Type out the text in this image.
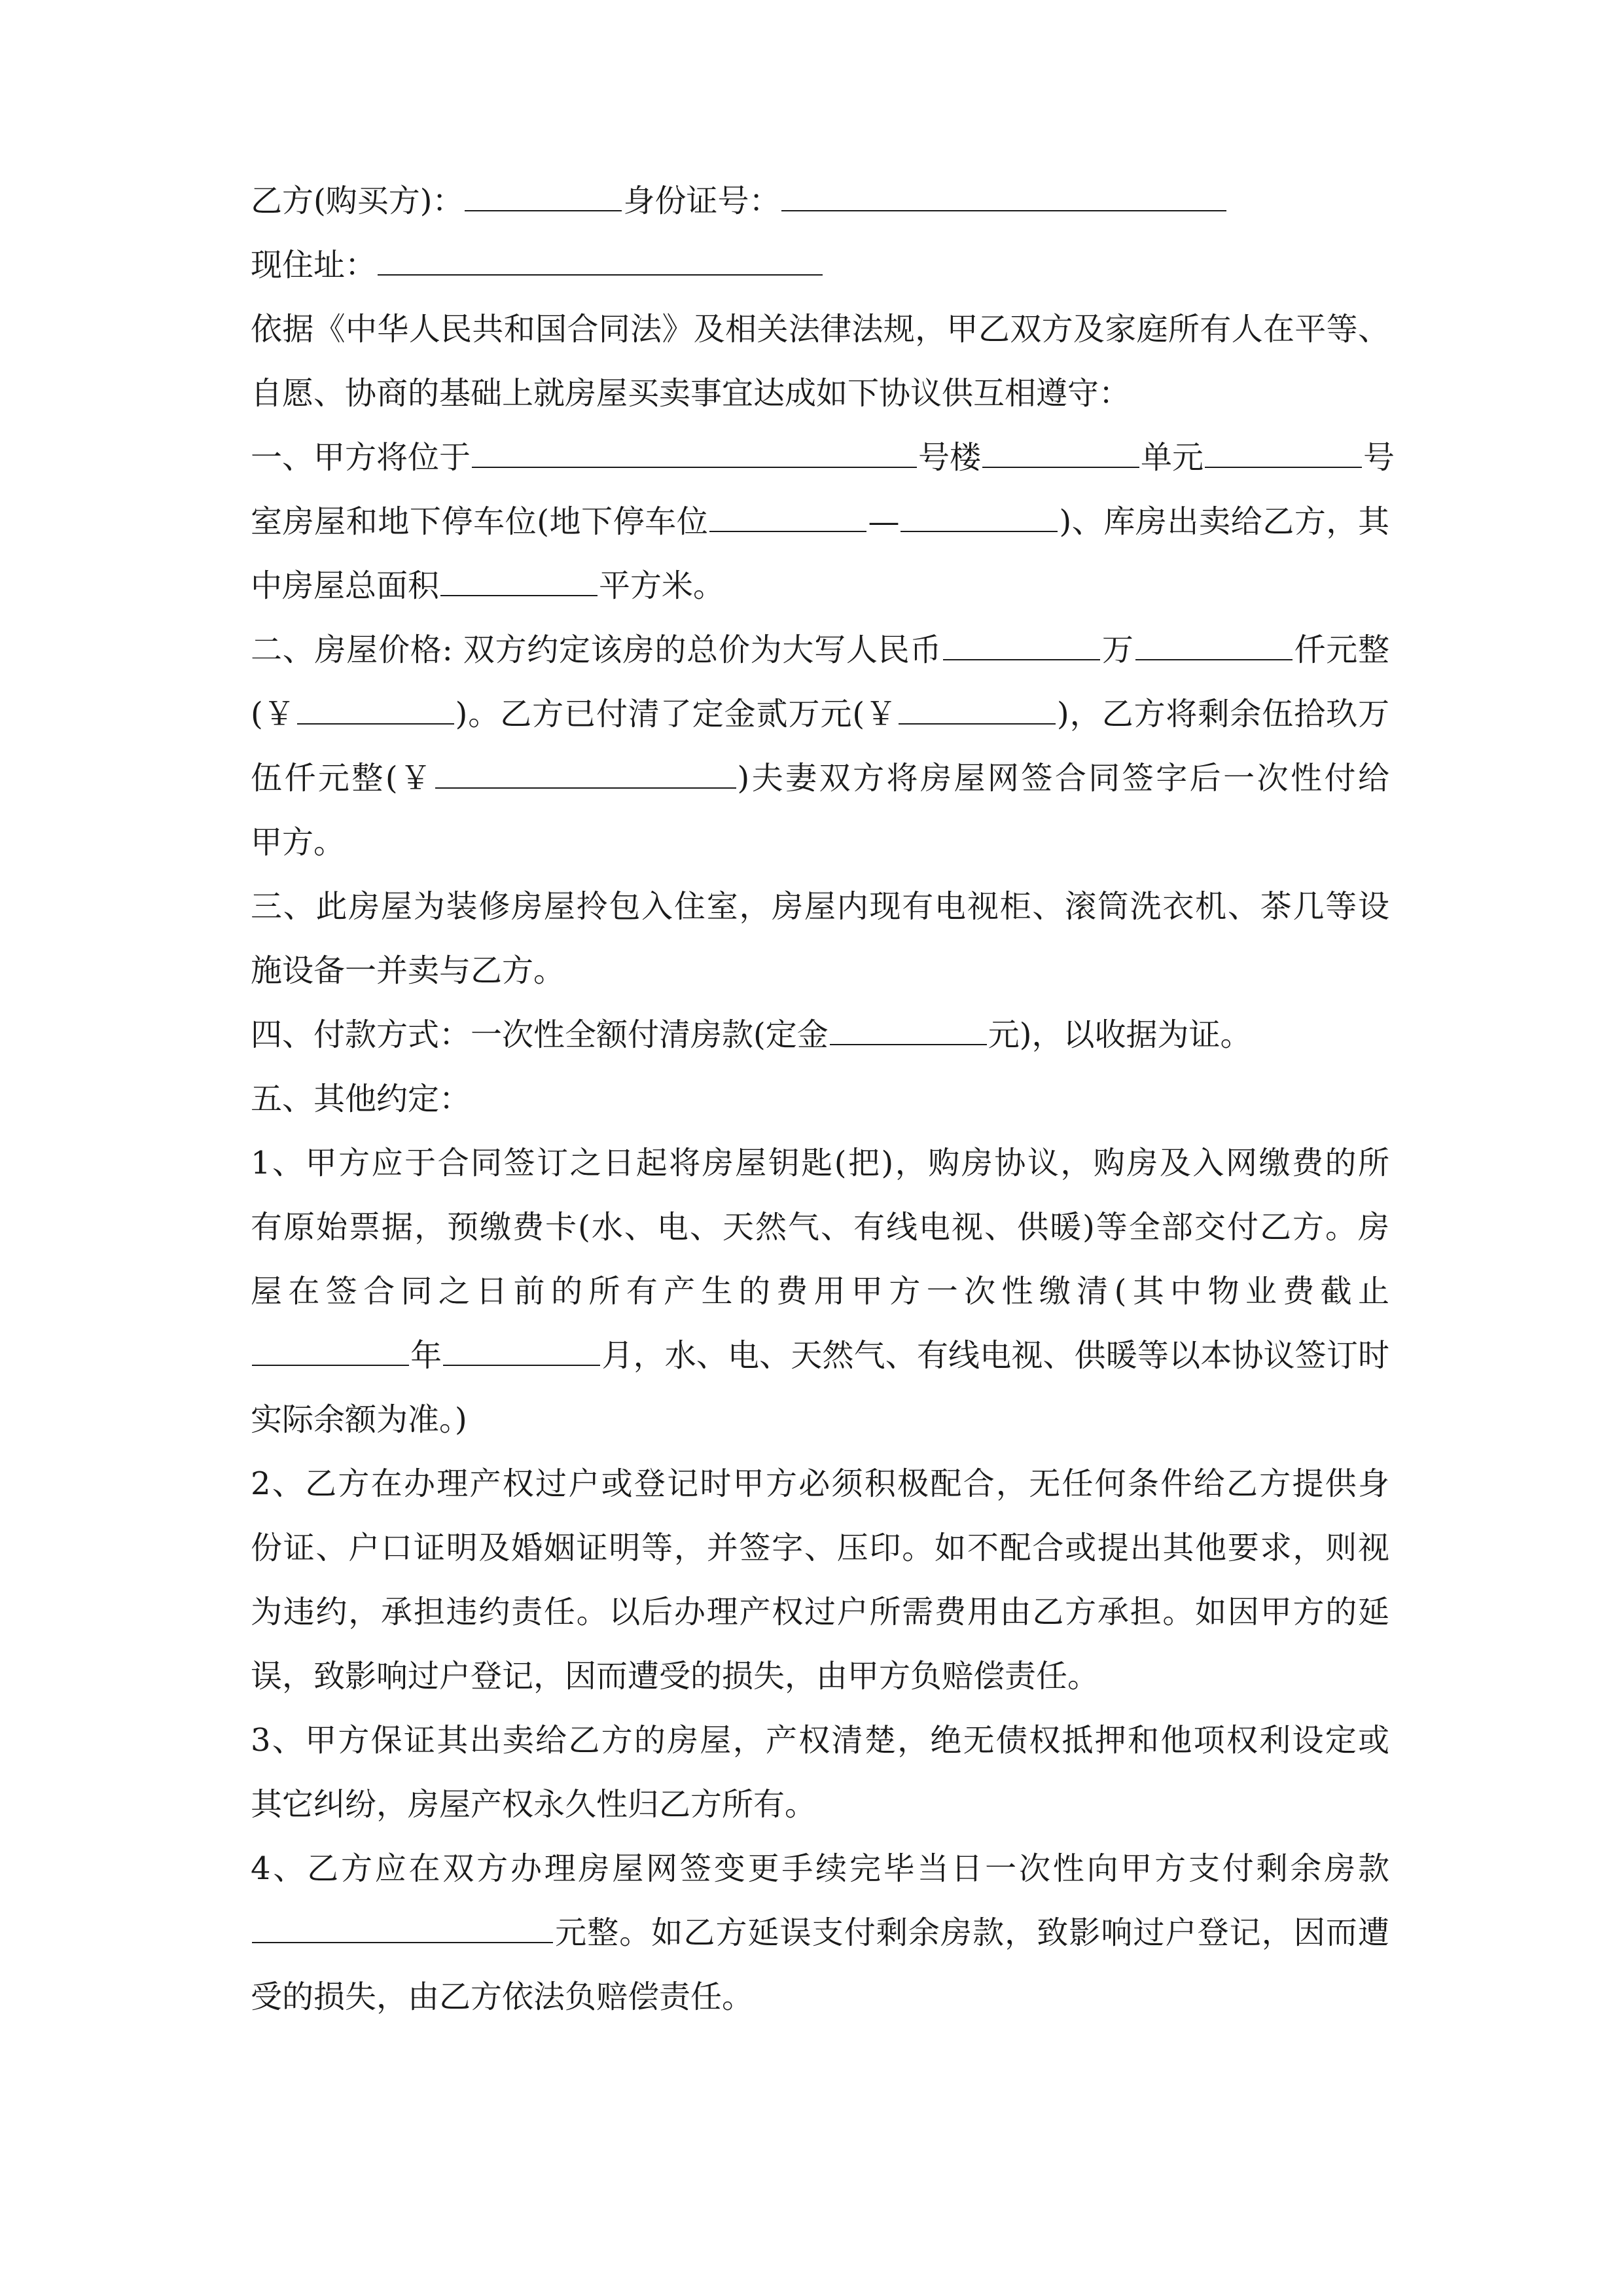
乙方(购买方)：	身份证号：
现住址：
依据《中华人民共和国合同法》及相关法律法规，甲乙双方及家庭所有人在平等、
自愿、协商的基础上就房屋买卖事宜达成如下协议供互相遵守：
一、甲方将位于	号楼	单元	号
室房屋和地下停车位(地下停车位	—	)、库房出卖给乙方，其
中房屋总面积	平方米。
二、房屋价格: 双方约定该房的总价为大写人民币	万	仟元整
(￥	)。乙方已付清了定金贰万元(￥	)，乙方将剩余伍拾玖万
伍仟元整(￥	)夫妻双方将房屋网签合同签字后一次性付给
甲方。
三、此房屋为装修房屋拎包入住室，房屋内现有电视柜、滚筒洗衣机、茶几等设
施设备一并卖与乙方。
四、付款方式：一次性全额付清房款(定金	元)，以收据为证。
五、其他约定：
1、甲方应于合同签订之日起将房屋钥匙(把)，购房协议，购房及入网缴费的所
有原始票据，预缴费卡(水、电、天然气、有线电视、供暖)等全部交付乙方。房
屋在签合同之日前的所有产生的费用甲方一次性缴清(其中物业费截止
年	月，水、电、天然气、有线电视、供暖等以本协议签订时
实际余额为准。)
2、乙方在办理产权过户或登记时甲方必须积极配合，无任何条件给乙方提供身
份证、户口证明及婚姻证明等，并签字、压印。如不配合或提出其他要求，则视
为违约，承担违约责任。以后办理产权过户所需费用由乙方承担。如因甲方的延
误，致影响过户登记，因而遭受的损失，由甲方负赔偿责任。
3、甲方保证其出卖给乙方的房屋，产权清楚，绝无债权抵押和他项权利设定或
其它纠纷，房屋产权永久性归乙方所有。
4、乙方应在双方办理房屋网签变更手续完毕当日一次性向甲方支付剩余房款
元整。如乙方延误支付剩余房款，致影响过户登记，因而遭
受的损失，由乙方依法负赔偿责任。
